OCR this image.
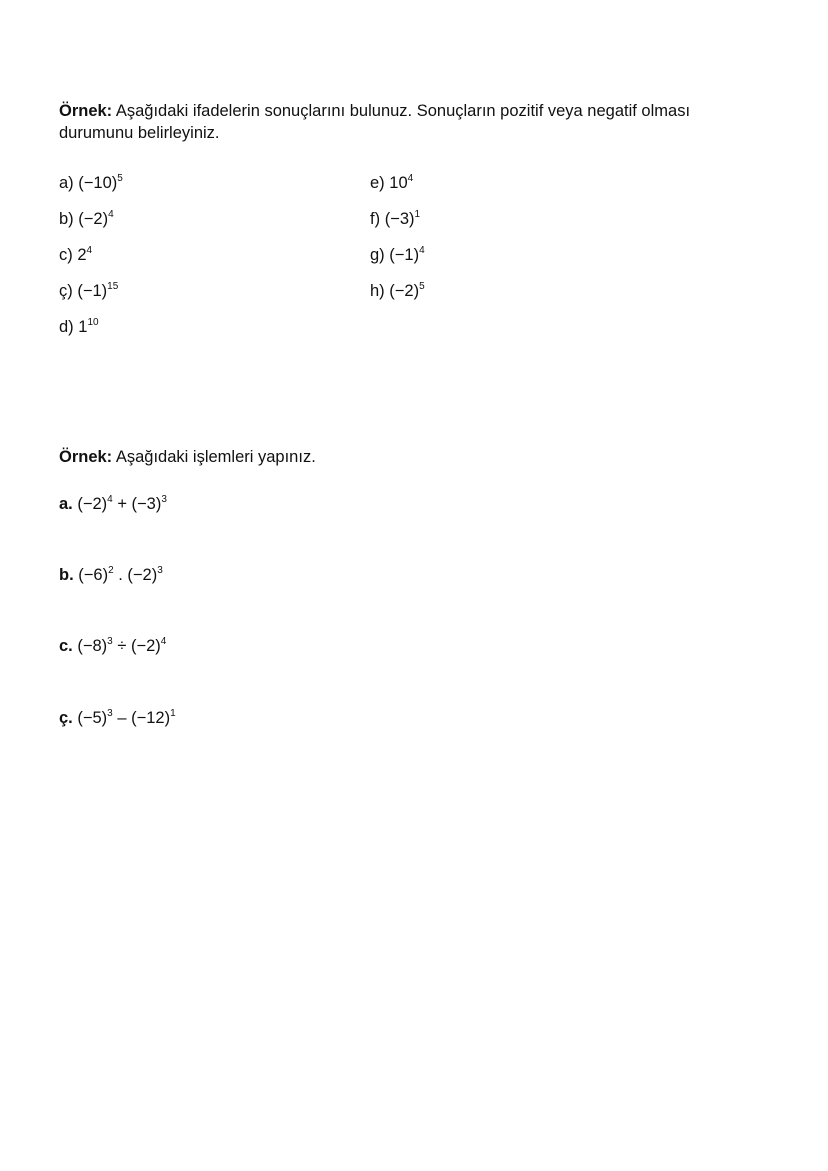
Örnek: Aşağıdaki ifadelerin sonuçlarını bulunuz. Sonuçların pozitif veya negatif olması durumunu belirleyiniz.

a) $(-10)^5$
b) $(-2)^4$
c) $2^4$
ç) $(-1)^{15}$
d) $1^{10}$
e) $10^4$
f) $(-3)^1$
g) $(-1)^4$
h) $(-2)^5$

Örnek: Aşağıdaki işlemleri yapınız.

a. $(-2)^4 + (-3)^3$
b. $(-6)^2$ . $(-2)^3$
c. $(-8)^3 \div (-2)^4$
ç. $(-5)^3 - (-12)^1$
